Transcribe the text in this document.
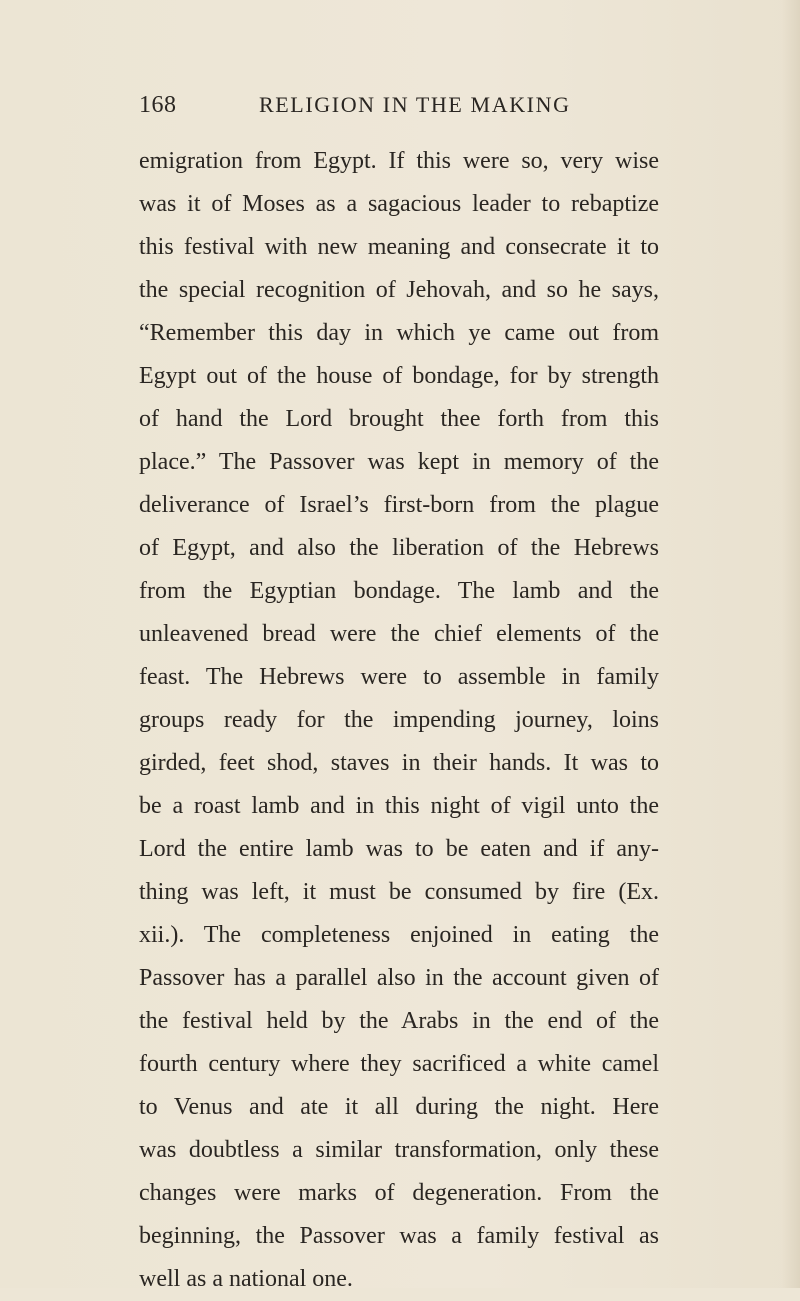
168	RELIGION IN THE MAKING
emigration from Egypt. If this were so, very wise
was it of Moses as a sagacious leader to rebaptize
this festival with new meaning and consecrate it to
the special recognition of Jehovah, and so he says,
“Remember this day in which ye came out from
Egypt out of the house of bondage, for by strength
of hand the Lord brought thee forth from this
place.” The Passover was kept in memory of the
deliverance of Israel’s first-born from the plague
of Egypt, and also the liberation of the Hebrews
from the Egyptian bondage. The lamb and the
unleavened bread were the chief elements of the
feast. The Hebrews were to assemble in family
groups ready for the impending journey, loins
girded, feet shod, staves in their hands. It was to
be a roast lamb and in this night of vigil unto the
Lord the entire lamb was to be eaten and if any-
thing was left, it must be consumed by fire (Ex.
xii.). The completeness enjoined in eating the
Passover has a parallel also in the account given of
the festival held by the Arabs in the end of the
fourth century where they sacrificed a white camel
to Venus and ate it all during the night. Here
was doubtless a similar transformation, only these
changes were marks of degeneration. From the
beginning, the Passover was a family festival as
well as a national one.
